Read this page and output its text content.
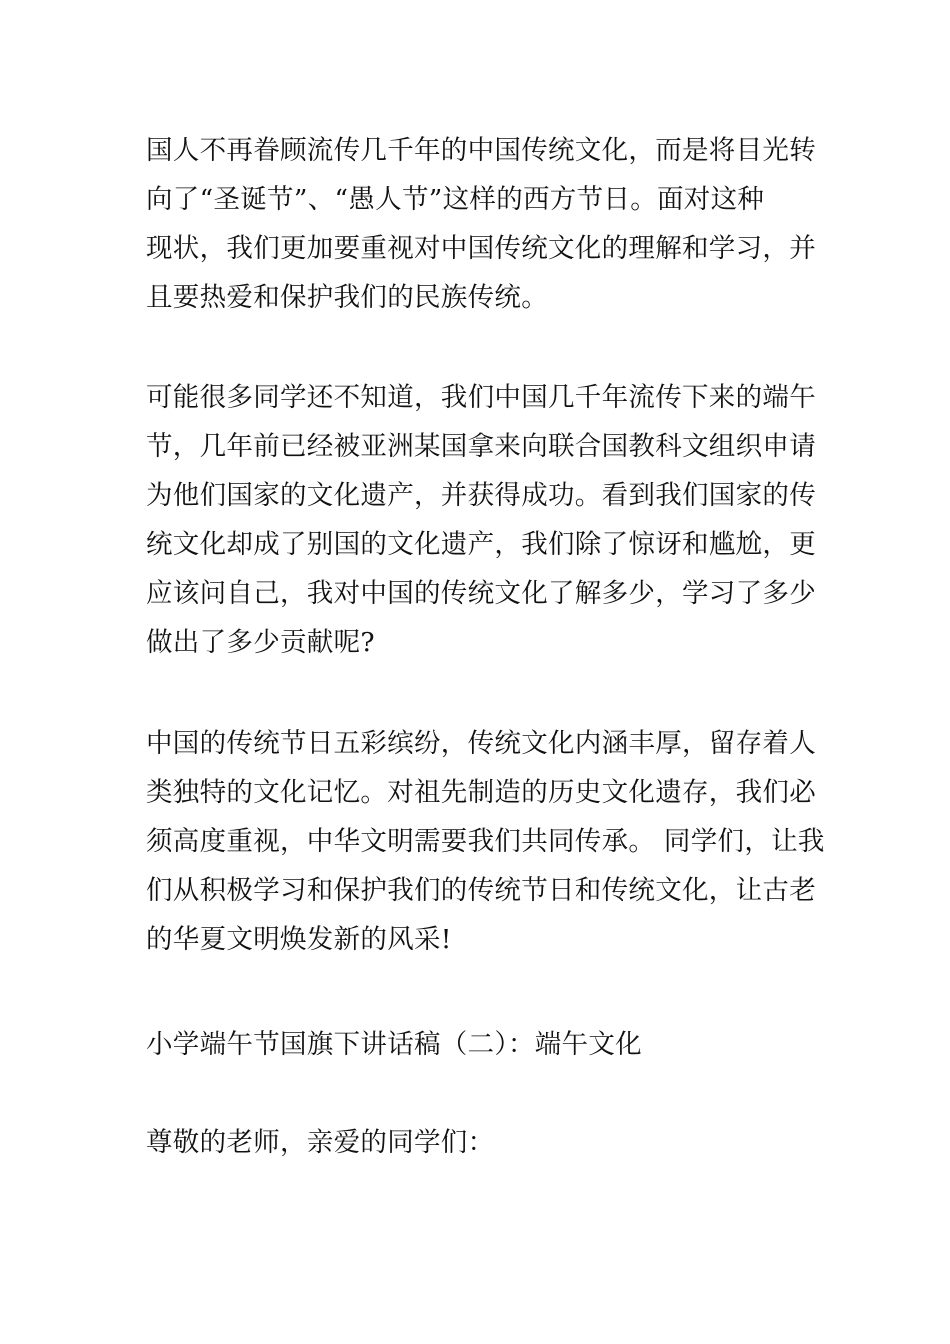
国人不再眷顾流传几千年的中国传统文化，而是将目光转
向了“圣诞节”、“愚人节”这样的西方节日。面对这种
现状，我们更加要重视对中国传统文化的理解和学习，并
且要热爱和保护我们的民族传统。

可能很多同学还不知道，我们中国几千年流传下来的端午
节，几年前已经被亚洲某国拿来向联合国教科文组织申请
为他们国家的文化遗产，并获得成功。看到我们国家的传
统文化却成了别国的文化遗产，我们除了惊讶和尴尬，更
应该问自己，我对中国的传统文化了解多少，学习了多少
做出了多少贡献呢?

中国的传统节日五彩缤纷，传统文化内涵丰厚，留存着人
类独特的文化记忆。对祖先制造的历史文化遗存，我们必
须高度重视，中华文明需要我们共同传承。 同学们，让我
们从积极学习和保护我们的传统节日和传统文化，让古老
的华夏文明焕发新的风采!

小学端午节国旗下讲话稿（二）：端午文化

尊敬的老师，亲爱的同学们：
